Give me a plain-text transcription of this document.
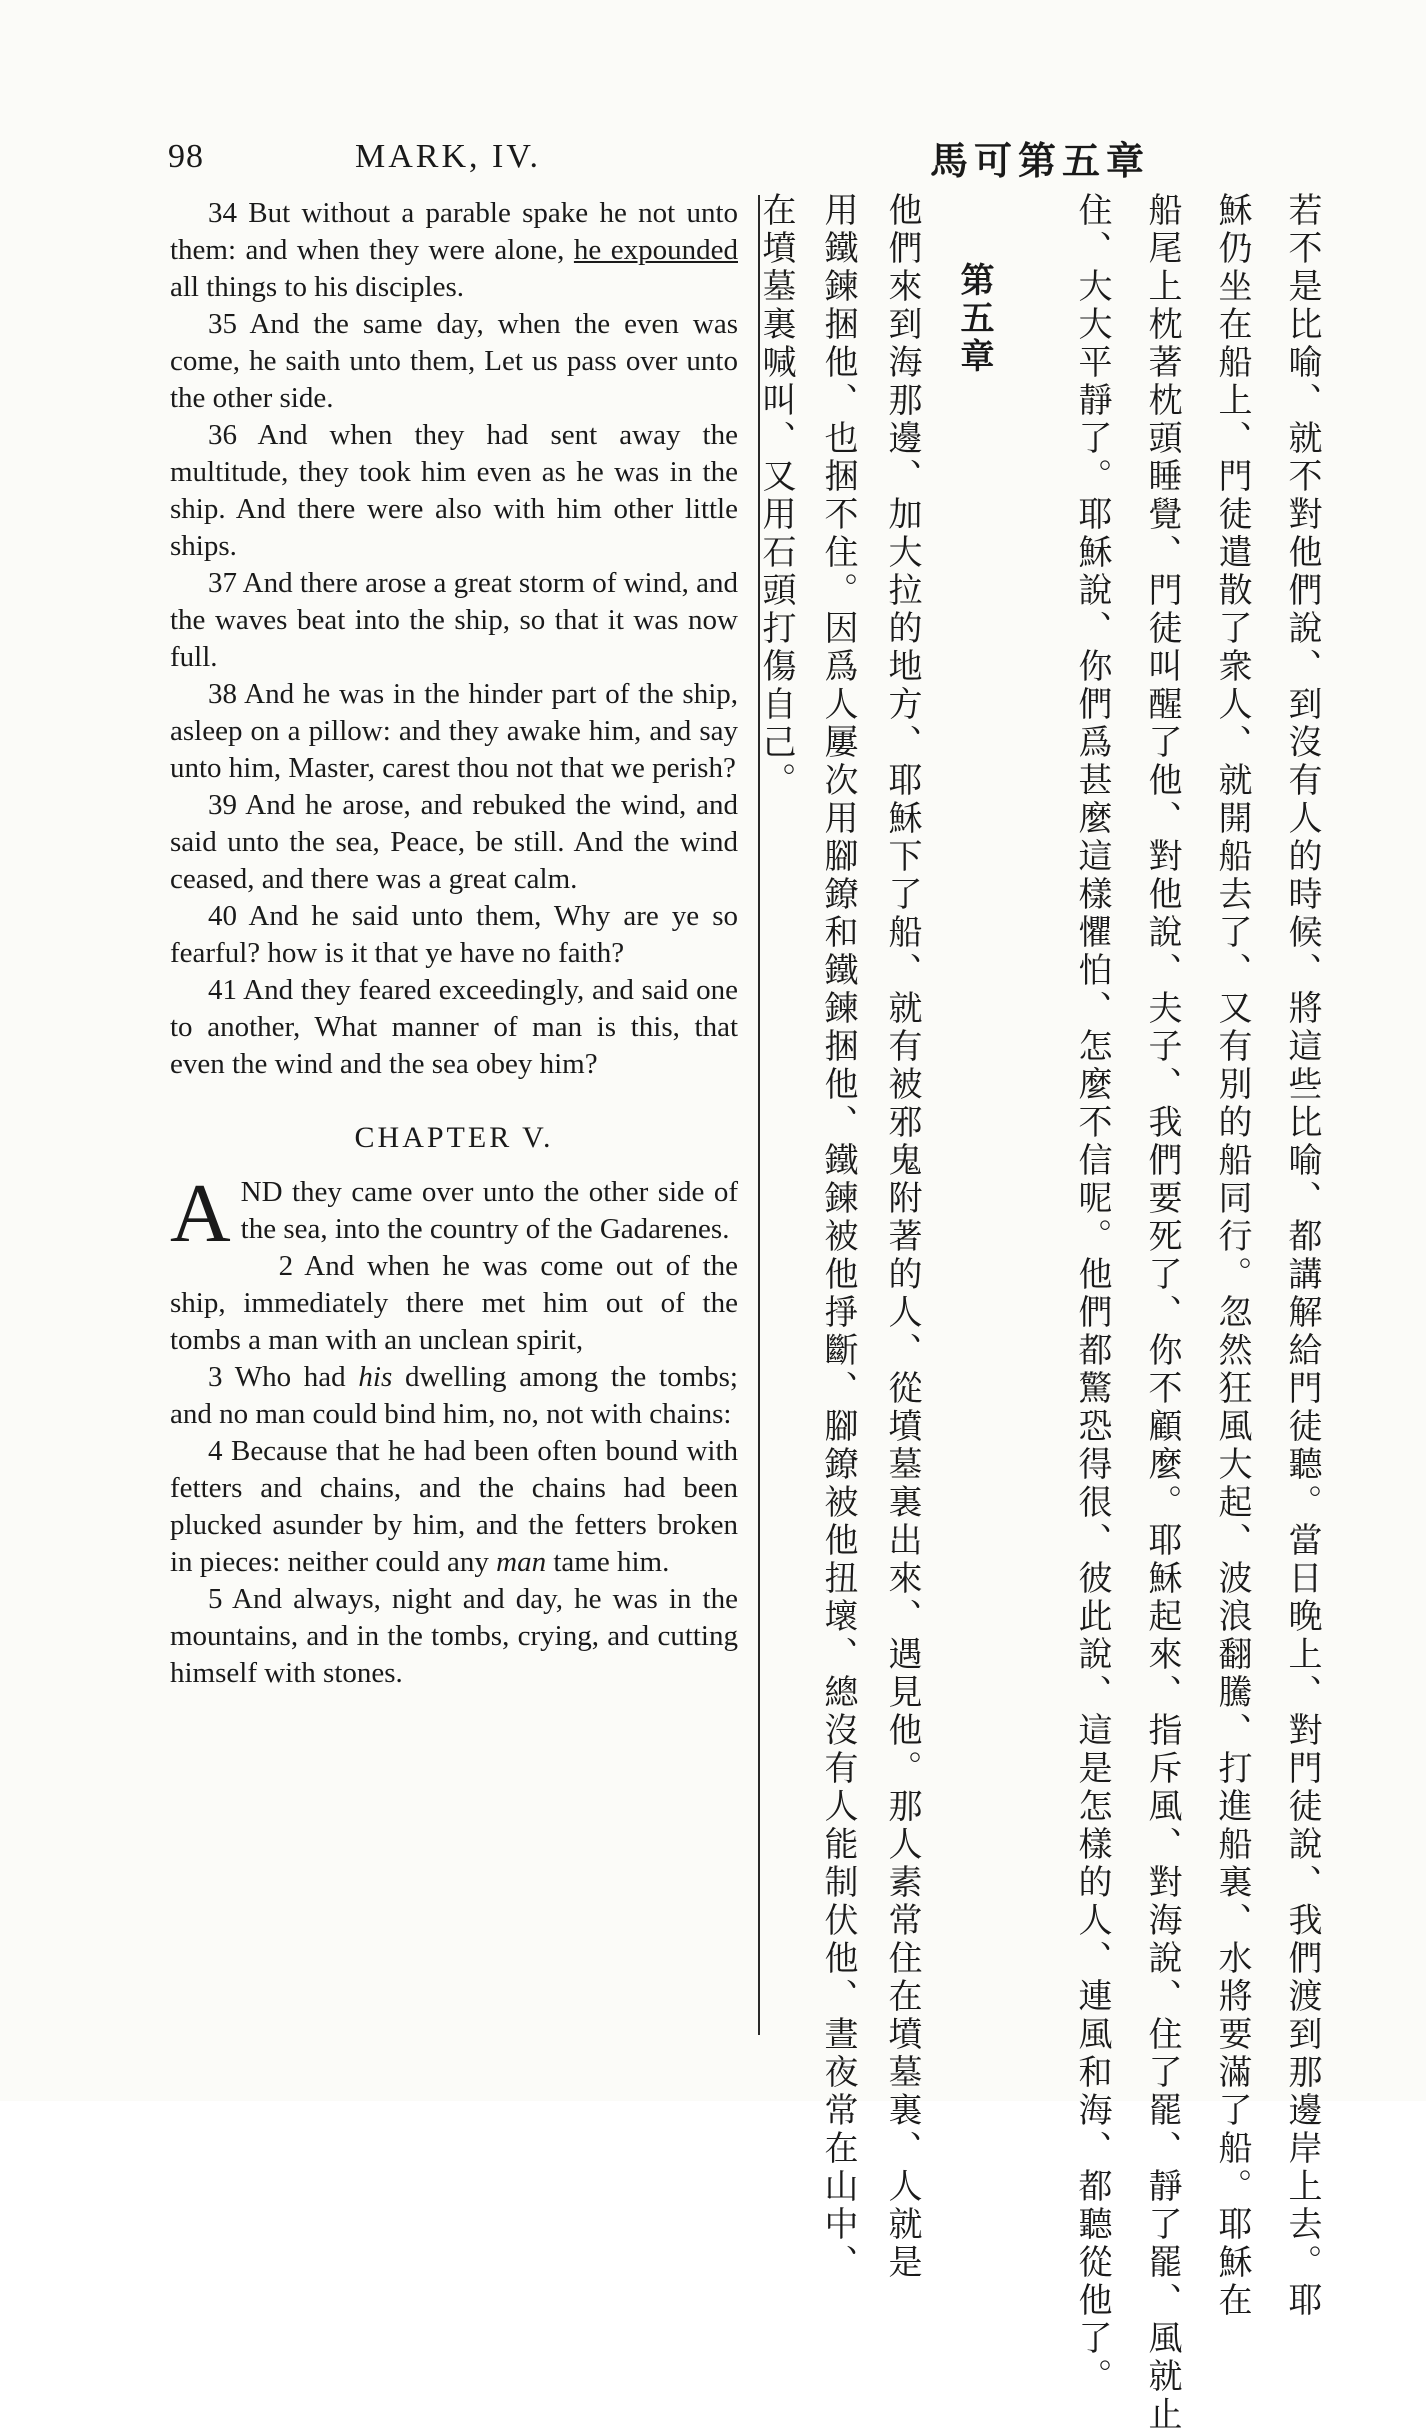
98	MARK, IV.	馬可第五章

34 But without a parable spake he not unto them: and when they were alone, he expounded all things to his disciples.

35 And the same day, when the even was come, he saith unto them, Let us pass over unto the other side.

36 And when they had sent away the multitude, they took him even as he was in the ship. And there were also with him other little ships.

37 And there arose a great storm of wind, and the waves beat into the ship, so that it was now full.

38 And he was in the hinder part of the ship, asleep on a pillow: and they awake him, and say unto him, Master, carest thou not that we perish?

39 And he arose, and rebuked the wind, and said unto the sea, Peace, be still. And the wind ceased, and there was a great calm.

40 And he said unto them, Why are ye so fearful? how is it that ye have no faith?

41 And they feared exceedingly, and said one to another, What manner of man is this, that even the wind and the sea obey him?

CHAPTER V.

AND they came over unto the other side of the sea, into the country of the Gadarenes.

2 And when he was come out of the ship, immediately there met him out of the tombs a man with an unclean spirit,

3 Who had his dwelling among the tombs; and no man could bind him, no, not with chains:

4 Because that he had been often bound with fetters and chains, and the chains had been plucked asunder by him, and the fetters broken in pieces: neither could any man tame him.

5 And always, night and day, he was in the mountains, and in the tombs, crying, and cutting himself with stones.	若不是比喻、就不對他們說、到沒有人的時候、將這些比喻、都講解給門徒聽。當日晚上、對門徒說、我們渡到那邊岸上去。耶
穌仍坐在船上、門徒遣散了衆人、就開船去了、又有別的船同行。忽然狂風大起、波浪翻騰、打進船裏、水將要滿了船。耶穌在
船尾上枕著枕頭睡覺、門徒叫醒了他、對他說、夫子、我們要死了、你不顧麼。耶穌起來、指斥風、對海說、住了罷、靜了罷、風就止
住、大大平靜了。耶穌說、你們爲甚麼這樣懼怕、怎麼不信呢。他們都驚恐得很、彼此說、這是怎樣的人、連風和海、都聽從他了。
第五章
他們來到海那邊、加大拉的地方、耶穌下了船、就有被邪鬼附著的人、從墳墓裏出來、遇見他。那人素常住在墳墓裏、人就是
用鐵鍊捆他、也捆不住。因爲人屢次用腳鐐和鐵鍊捆他、鐵鍊被他掙斷、腳鐐被他扭壞、總沒有人能制伏他、晝夜常在山中、
在墳墓裏喊叫、又用石頭打傷自己。
